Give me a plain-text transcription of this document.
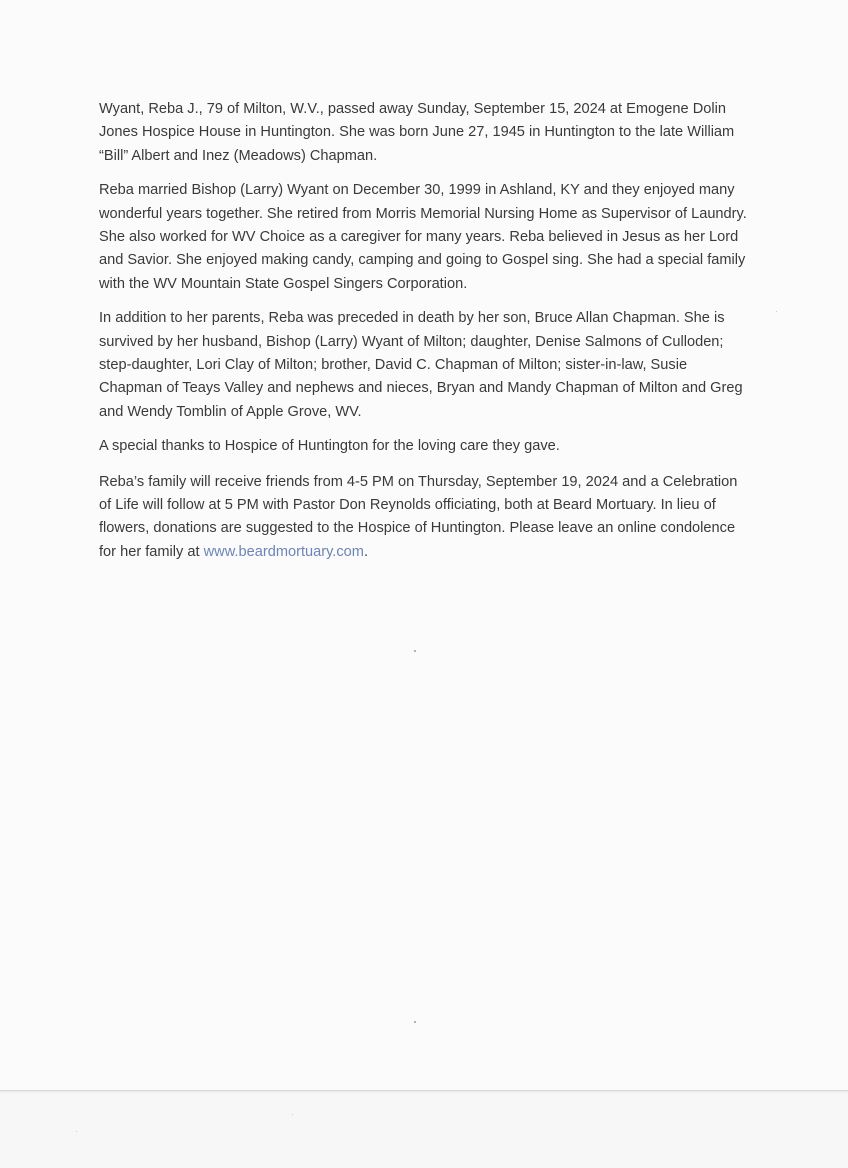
Wyant, Reba J., 79 of Milton, W.V., passed away Sunday, September 15, 2024 at Emogene Dolin Jones Hospice House in Huntington. She was born June 27, 1945 in Huntington to the late William “Bill” Albert and Inez (Meadows) Chapman.

Reba married Bishop (Larry) Wyant on December 30, 1999 in Ashland, KY and they enjoyed many wonderful years together. She retired from Morris Memorial Nursing Home as Supervisor of Laundry. She also worked for WV Choice as a caregiver for many years. Reba believed in Jesus as her Lord and Savior. She enjoyed making candy, camping and going to Gospel sing. She had a special family with the WV Mountain State Gospel Singers Corporation.

In addition to her parents, Reba was preceded in death by her son, Bruce Allan Chapman. She is survived by her husband, Bishop (Larry) Wyant of Milton; daughter, Denise Salmons of Culloden; step-daughter, Lori Clay of Milton; brother, David C. Chapman of Milton; sister-in-law, Susie Chapman of Teays Valley and nephews and nieces, Bryan and Mandy Chapman of Milton and Greg and Wendy Tomblin of Apple Grove, WV.

A special thanks to Hospice of Huntington for the loving care they gave.

Reba’s family will receive friends from 4-5 PM on Thursday, September 19, 2024 and a Celebration of Life will follow at 5 PM with Pastor Don Reynolds officiating, both at Beard Mortuary. In lieu of flowers, donations are suggested to the Hospice of Huntington. Please leave an online condolence for her family at www.beardmortuary.com.
